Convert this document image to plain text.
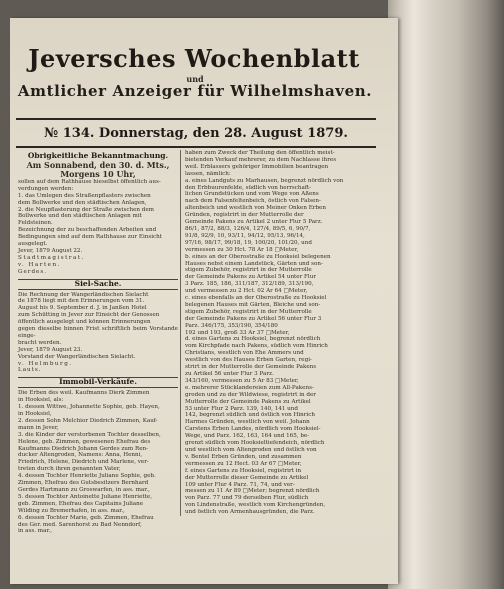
Jeversches Wochenblatt
und
Amtlicher Anzeiger für Wilhelmshaven.
№ 134. Donnerstag, den 28. August 1879.
Obrigkeitliche Bekanntmachung.
Am Sonnabend, den 30. d. Mts., Morgens 10 Uhr,

sollen auf dem Rathhause hieselbst öffentlich aus-

verdungen werden:

1. das Umlegen des Straßenpflasters zwischen

dem Bollwerke und den städtischen Anlagen,

2. die Neupflasterung der Straße zwischen dem

Bollwerke und den städtischen Anlagen mit

Feldsteinen.

Bezeichnung der zu beschaffenden Arbeiten und

Bedingungen sind auf dem Rathhause zur Einsicht

ausgelegt.

Jever, 1879 August 22.

Stadtmagistrat.

v. Harten.

Gerdes.

Siel-Sache.

Die Rechnung der Wangerländischen Sielacht

de 1878 liegt mit den Erinnerungen vom 31.

August bis 9. September d. J. in Janßen Hotel

zum Schütting in Jever zur Einsicht der Genossen

öffentlich ausgelegt und können Erinnerungen

gegen dieselbe binnen Frist schriftlich beim Vorstande einge-

bracht werden.

Jever, 1879 August 23.

Vorstand der Wangerländischen Sielacht.

v. Helmburg.

Lauts.

Immobil-Verkäufe.

Die Erben des weil. Kaufmanns Dierk Zimmen

in Hooksiel, als:

1. dessen Wittwe, Johannette Sophie, geb. Hayen,

in Hooksiel,

2. dessen Sohn Melchior Diedrich Zimmen, Kauf-

mann in Jever,

3. die Kinder der verstorbenen Tochter desselben,

Helene, geb. Zimmen, gewesenen Ehefrau des

Kaufmanns Diedrich Johann Gerdes zum Ren-

ducker Altengroden, Namens: Anna, Henni,

Friedrich, Helene, Diedrich und Marlene, ver-

treten durch ihren genannten Vater,

4. dessen Tochter Henriette Juliane Sophie, geb.

Zimmen, Ehefrau des Gutsbesitzers Bernhard

Gerdes Hartmann zu Groswarfen, in ass. mar.,

5. dessen Tochter Antoinette Juliane Henriette,

geb. Zimmen, Ehefrau des Capitains Juliane

Wilding zu Bremerhafen, in ass. mar.,

6. dessen Tochter Marie, geb. Zimmen, Ehefrau

des Ger. med. Sarenhorst zu Bad Nenndorf,

in ass. mar.,

haben zum Zweck der Theilung den öffentlich meist-

bietenden Verkauf mehrerer, zu dem Nachlasse ihres

weil. Erblassers gehöriger Immobilien beantragen

lassen, nämlich:

a. eines Landguts zu Marhausen, begrenzt nördlich von

den Erbbuurenfelde, südlich von herrschaft-

lichen Grundstücken und vom Wege von Aßens

nach dem Falsenfeltenbeich, östlich von Falsen-

altenbeich und westlich von Meiner Onken Erben

Gründen, registrirt in der Mutterrolle der

Gemeinde Pakens zu Artikel 2 unter Flur 5 Parz.

86/1, 87/2, 88/3, 126/4, 127/4, 89/5, 6, 90/7,

91/8, 92/9, 10, 93/11, 94/12, 95/13, 96/14,

97/16, 98/17, 99/18, 19, 100/20, 101/20, und

vermessen zu 30 Hct. 78 Ar 18 □Meter,

b. eines an der Oberostraße zu Hooksiel belegenen

Hauses nebst einem Landstück, Gärten und son-

stigem Zubehör, registrirt in der Mutterrolle

der Gemeinde Pakens zu Artikel 54 unter Flur

3 Parz. 185, 186, 311/187, 312/189, 313/190,

und vermessen zu 2 Hct. 02 Ar 64 □Meter,

c. eines ebenfalls an der Oberostraße zu Hooksiel

belegenen Hauses mit Gärten, Bleiche und son-

stigem Zubehör, registrirt in der Mutterrolle

der Gemeinde Pakens zu Artikel 56 unter Flur 3

Parz. 346/175, 353/190, 354/180

192 und 193, groß 33 Ar 37 □Meter,

d. eines Gartens zu Hooksiel, begrenzt nördlich

vom Kirchpfade nach Pakens, südlich vom Hinrich

Christians, westlich von Ehe Ammers und

westlich von des Hauses Erben Garten, regi-

strirt in der Mutterrolle der Gemeinde Pakens

zu Artikel 56 unter Flur 3 Parz.

343/160, vermessen zu 5 Ar 83 □Meter,

e. mehrerer Stücklandereien zum All-Pakens-

groden und zu der Wildwiese, registrirt in der

Mutterrolle der Gemeinde Pakens zu Artikel

53 unter Flur 2 Parz. 139, 140, 141 und

142, begrenzt südlich und östlich von Hinrich

Harmes Gründen, westlich von weil. Johann

Carstens Erben Landes, nördlich vom Hooksiel-

Wege, und Parz. 162, 163, 164 und 165, be-

grenzt südlich vom Hooksieltiefendeich, nördlich

und westlich vom Altengroden und östlich von

v. Bentel Erben Gründen, und zusammen

vermessen zu 12 Hect. 03 Ar 67 □Meter,

f. eines Gartens zu Hooksiel, registrirt in

der Mutterrolle dieser Gemeinde zu Artikel

109 unter Flur 4 Parz. 71, 74, und ver-

messen zu 11 Ar 89 □Meter; begrenzt nördlich

von Parz. 77 und 79 derselben Flur, südlich

von Lindenstraße, westlich vom Kirchengründen,

und östlich von Armenhausgründen, die Parz.
